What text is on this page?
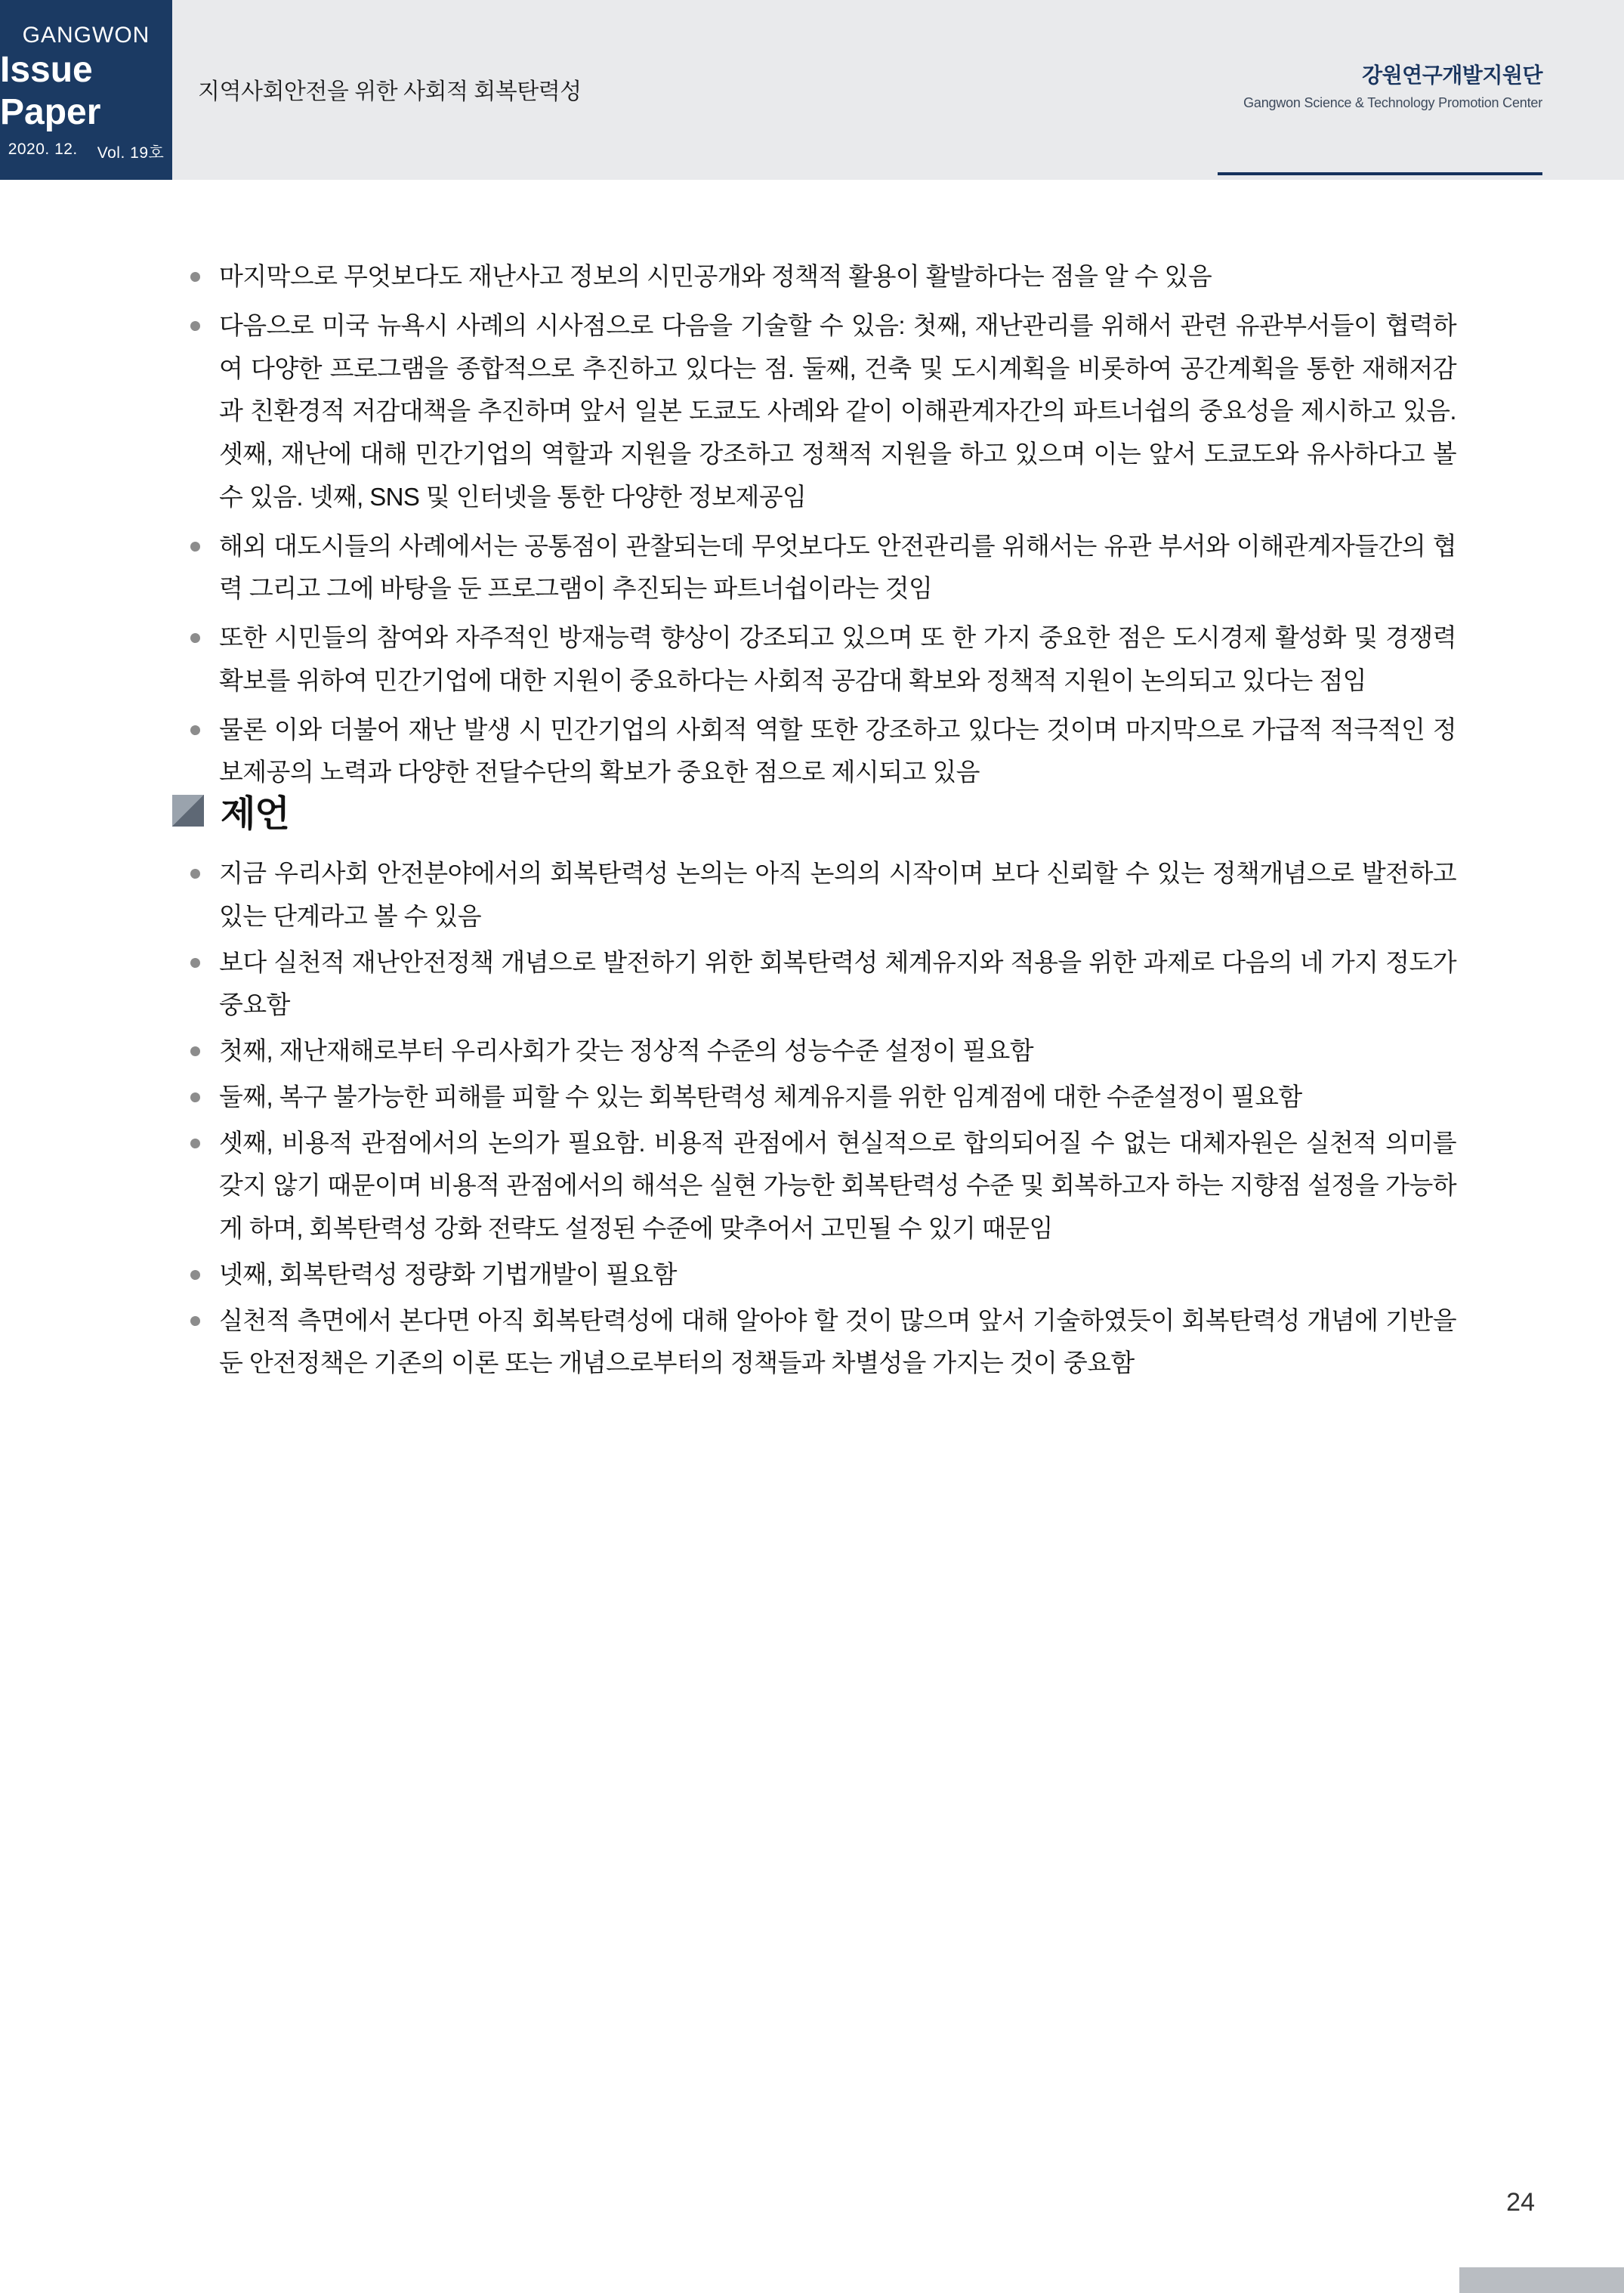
GANGWON
Issue Paper
2020. 12. Vol. 19호
지역사회안전을 위한 사회적 회복탄력성
강원연구개발지원단
Gangwon Science & Technology Promotion Center
마지막으로 무엇보다도 재난사고 정보의 시민공개와 정책적 활용이 활발하다는 점을 알 수 있음
다음으로 미국 뉴욕시 사례의 시사점으로 다음을 기술할 수 있음: 첫째, 재난관리를 위해서 관련 유관부서들이 협력하여 다양한 프로그램을 종합적으로 추진하고 있다는 점. 둘째, 건축 및 도시계획을 비롯하여 공간계획을 통한 재해저감과 친환경적 저감대책을 추진하며 앞서 일본 도쿄도 사례와 같이 이해관계자간의 파트너쉽의 중요성을 제시하고 있음. 셋째, 재난에 대해 민간기업의 역할과 지원을 강조하고 정책적 지원을 하고 있으며 이는 앞서 도쿄도와 유사하다고 볼 수 있음. 넷째, SNS 및 인터넷을 통한 다양한 정보제공임
해외 대도시들의 사례에서는 공통점이 관찰되는데 무엇보다도 안전관리를 위해서는 유관 부서와 이해관계자들간의 협력 그리고 그에 바탕을 둔 프로그램이 추진되는 파트너쉽이라는 것임
또한 시민들의 참여와 자주적인 방재능력 향상이 강조되고 있으며 또 한 가지 중요한 점은 도시경제 활성화 및 경쟁력 확보를 위하여 민간기업에 대한 지원이 중요하다는 사회적 공감대 확보와 정책적 지원이 논의되고 있다는 점임
물론 이와 더불어 재난 발생 시 민간기업의 사회적 역할 또한 강조하고 있다는 것이며 마지막으로 가급적 적극적인 정보제공의 노력과 다양한 전달수단의 확보가 중요한 점으로 제시되고 있음
제언
지금 우리사회 안전분야에서의 회복탄력성 논의는 아직 논의의 시작이며 보다 신뢰할 수 있는 정책개념으로 발전하고 있는 단계라고 볼 수 있음
보다 실천적 재난안전정책 개념으로 발전하기 위한 회복탄력성 체계유지와 적용을 위한 과제로 다음의 네 가지 정도가 중요함
첫째, 재난재해로부터 우리사회가 갖는 정상적 수준의 성능수준 설정이 필요함
둘째, 복구 불가능한 피해를 피할 수 있는 회복탄력성 체계유지를 위한 임계점에 대한 수준설정이 필요함
셋째, 비용적 관점에서의 논의가 필요함. 비용적 관점에서 현실적으로 합의되어질 수 없는 대체자원은 실천적 의미를 갖지 않기 때문이며 비용적 관점에서의 해석은 실현 가능한 회복탄력성 수준 및 회복하고자 하는 지향점 설정을 가능하게 하며, 회복탄력성 강화 전략도 설정된 수준에 맞추어서 고민될 수 있기 때문임
넷째, 회복탄력성 정량화 기법개발이 필요함
실천적 측면에서 본다면 아직 회복탄력성에 대해 알아야 할 것이 많으며 앞서 기술하였듯이 회복탄력성 개념에 기반을 둔 안전정책은 기존의 이론 또는 개념으로부터의 정책들과 차별성을 가지는 것이 중요함
24
